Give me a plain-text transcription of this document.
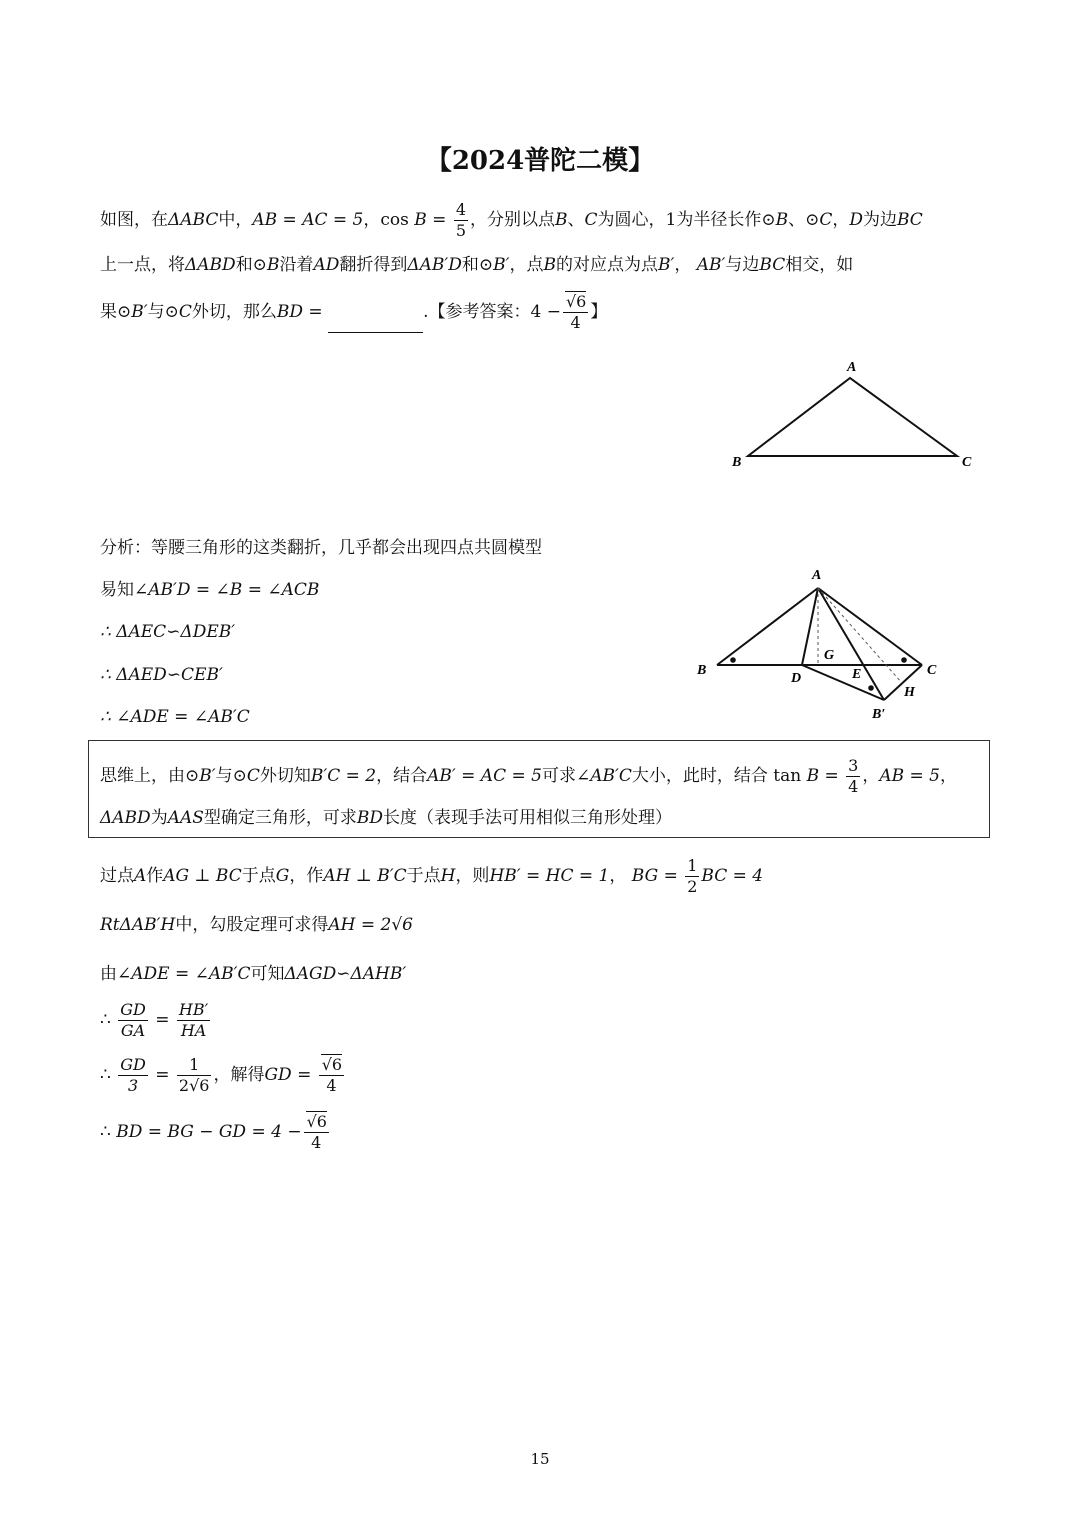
【2024普陀二模】
如图，在ΔABC中，AB = AC = 5，$\cos B = \frac{4}{5}$ ，分别以点B、C为圆心，1为半径长作⊙B、⊙C，D为边BC
上一点，将ΔABD和⊙B沿着AD翻折得到ΔAB′D和⊙B′，点B的对应点为点B′， AB′与边BC相交，如
果⊙B′与⊙C外切，那么BD =	.【参考答案：$4 - \frac{√6}{4}$ 】
A
B	C
分析：等腰三角形的这类翻折，几乎都会出现四点共圆模型
易知∠AB′D = ∠B = ∠ACB
∴ ΔAEC∽ΔDEB′
∴ ΔAED∽CEB′
∴ ∠ADE = ∠AB′C
A
B	C
D
G
E
H
B′
思维上，由⊙B′与⊙C外切知B′C = 2，结合AB′ = AC = 5可求∠AB′C大小，此时，结合 $\tan B = \frac{3}{4}$ ，AB = 5，
ΔABD为AAS型确定三角形，可求BD长度（表现手法可用相似三角形处理）
过点A作AG ⊥ BC于点G，作AH ⊥ B′C于点H，则HB′ = HC = 1， BG = $\frac{1}{2}$ BC = 4
RtΔAB′H中，勾股定理可求得AH = 2√6
由∠ADE = ∠AB′C可知ΔAGD∽ΔAHB′
∴ $\frac{GD}{GA} = \frac{HB'}{HA}$
∴ $\frac{GD}{3} = \frac{1}{2√6}$ ，解得GD = $\frac{√6}{4}$
∴ BD = BG − GD = $4 - \frac{√6}{4}$
15
